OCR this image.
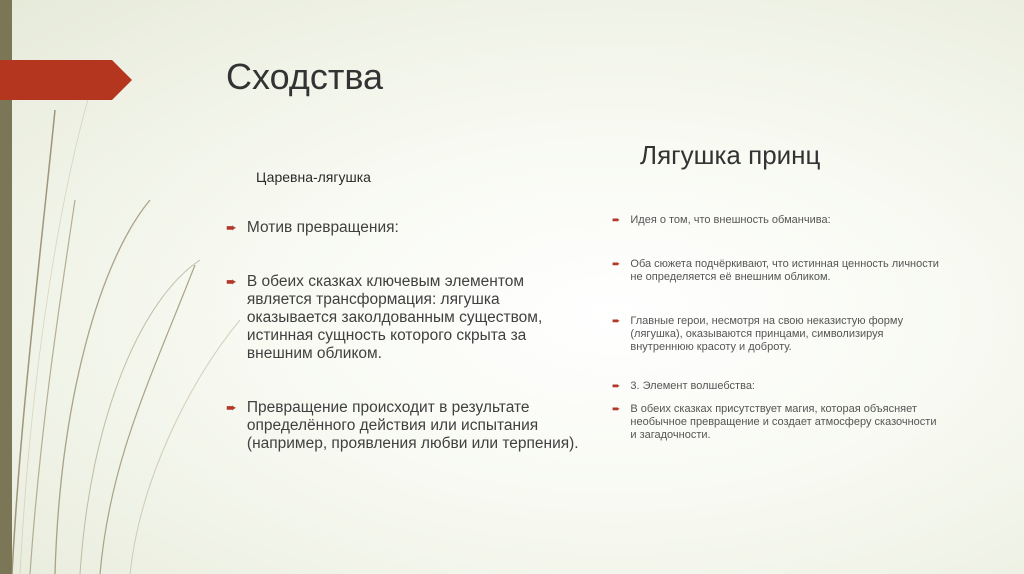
Сходства
Царевна-лягушка
Лягушка принц
➨ Мотив превращения:
➨ В обеих сказках ключевым элементом является трансформация: лягушка оказывается заколдованным существом, истинная сущность которого скрыта за внешним обликом.
➨ Превращение происходит в результате определённого действия или испытания (например, проявления любви или терпения).
➨ Идея о том, что внешность обманчива:
➨ Оба сюжета подчёркивают, что истинная ценность личности не определяется её внешним обликом.
➨ Главные герои, несмотря на свою неказистую форму (лягушка), оказываются принцами, символизируя внутреннюю красоту и доброту.
➨ 3. Элемент волшебства:
➨ В обеих сказках присутствует магия, которая объясняет необычное превращение и создает атмосферу сказочности и загадочности.
